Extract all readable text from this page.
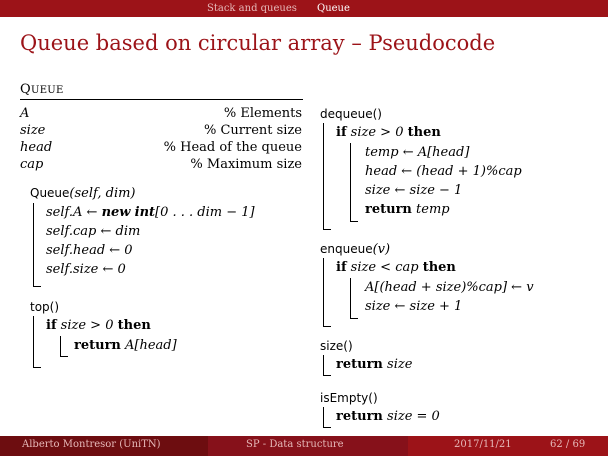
Stack and queues Queue
Queue based on circular array – Pseudocode
QUEUE
A	% Elements
size	% Current size
head	% Head of the queue
cap	% Maximum size
Queue(self, dim)
self.A ← new int[0 . . . dim − 1]
self.cap ← dim
self.head ← 0
self.size ← 0
top()
if size > 0 then
return A[head]
dequeue()
if size > 0 then
temp ← A[head]
head ← (head + 1)%cap
size ← size − 1
return temp
enqueue(v)
if size < cap then
A[(head + size)%cap] ← v
size ← size + 1
size()
return size
isEmpty()
return size = 0
Alberto Montresor (UniTN)	SP - Data structure	2017/11/21	62 / 69
